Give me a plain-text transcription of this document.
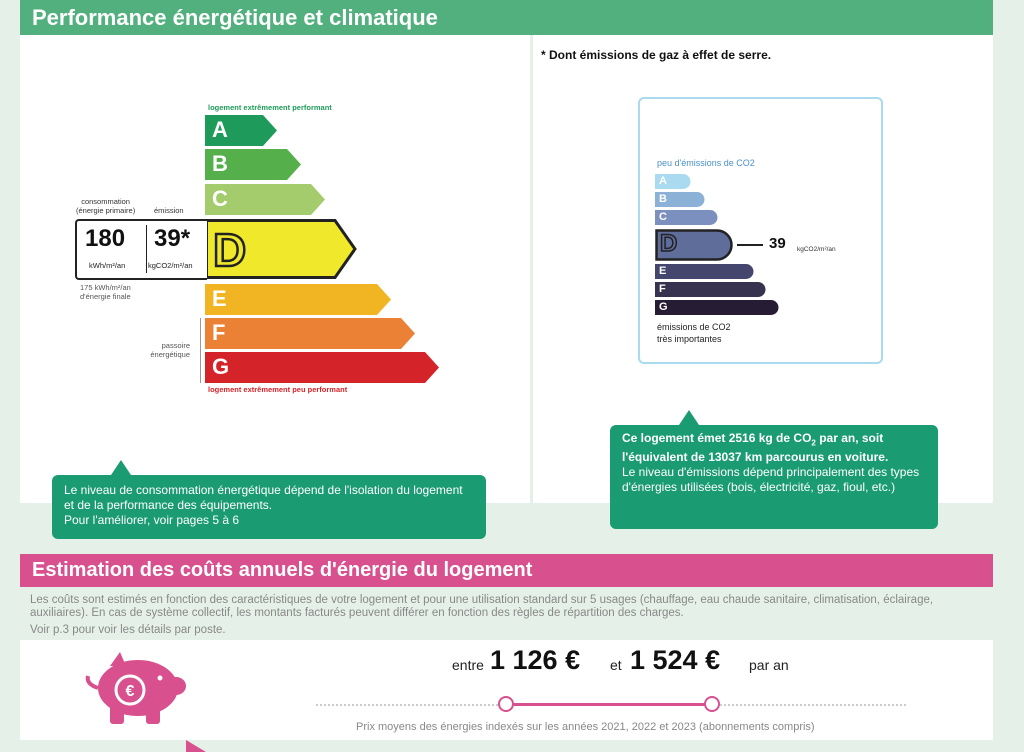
Performance énergétique et climatique
logement extrêmement performant
A
B
C
D
E
F
G
logement extrêmement peu performant
consommation
(énergie primaire)	émission
180
kWh/m²/an
39*
kgCO2/m²/an
175 kWh/m²/an
d'énergie finale
passoire
énergétique
* Dont émissions de gaz à effet de serre.
peu d'émissions de CO2
A
B
C
D
E
F
G
39 kgCO2/m²/an
émissions de CO2
très importantes
Le niveau de consommation énergétique dépend de l'isolation du logement et de la performance des équipements.
Pour l'améliorer, voir pages 5 à 6
Ce logement émet 2516 kg de $CO_2$ par an, soit
l'équivalent de 13037 km parcourus en voiture.
Le niveau d'émissions dépend principalement des types d'énergies utilisées (bois, électricité, gaz, fioul, etc.)
Estimation des coûts annuels d'énergie du logement
Les coûts sont estimés en fonction des caractéristiques de votre logement et pour une utilisation standard sur 5 usages (chauffage, eau chaude sanitaire, climatisation, éclairage, auxiliaires). En cas de système collectif, les montants facturés peuvent différer en fonction des règles de répartition des charges.
Voir p.3 pour voir les détails par poste.
€
entre 1 126 € et 1 524 € par an
Prix moyens des énergies indexés sur les années 2021, 2022 et 2023 (abonnements compris)
